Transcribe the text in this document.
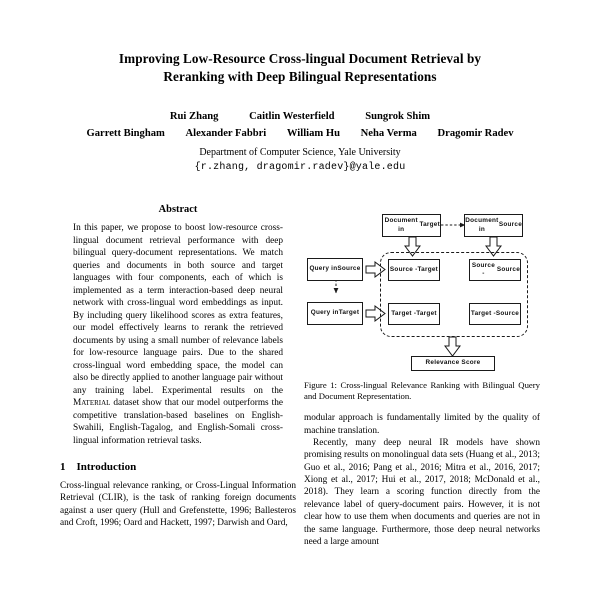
Improving Low-Resource Cross-lingual Document Retrieval by
Reranking with Deep Bilingual Representations
Rui Zhang	Caitlin Westerfield	Sungrok Shim
Garrett Bingham Alexander Fabbri William Hu Neha Verma Dragomir Radev
Department of Computer Science, Yale University
{r.zhang, dragomir.radev}@yale.edu
Abstract

In this paper, we propose to boost low-resource cross-lingual document retrieval performance with deep bilingual query-document representations. We match queries and documents in both source and target languages with four components, each of which is implemented as a term interaction-based deep neural network with cross-lingual word embeddings as input. By including query likelihood scores as extra features, our model effectively learns to rerank the retrieved documents by using a small number of relevance labels for low-resource language pairs. Due to the shared cross-lingual word embedding space, the model can also be directly applied to another language pair without any training label. Experimental results on the Material dataset show that our model outperforms the competitive translation-based baselines on English-Swahili, English-Tagalog, and English-Somali cross-lingual information retrieval tasks.

1 Introduction

Cross-lingual relevance ranking, or Cross-Lingual Information Retrieval (CLIR), is the task of ranking foreign documents against a user query (Hull and Grefenstette, 1996; Ballesteros and Croft, 1996; Oard and Hackett, 1997; Darwish and Oard,

Document in

Target
Document in

Source
Query in Source
Query in Target
Source - Target
Source -

Source
Target - Target	Target - Source
Relevance Score
Figure 1: Cross-lingual Relevance Ranking with Bilingual Query and Document Representation.

modular approach is fundamentally limited by the quality of machine translation.

Recently, many deep neural IR models have shown promising results on monolingual data sets (Huang et al., 2013; Guo et al., 2016; Pang et al., 2016; Mitra et al., 2016, 2017; Xiong et al., 2017; Hui et al., 2017, 2018; McDonald et al., 2018). They learn a scoring function directly from the relevance label of query-document pairs. However, it is not clear how to use them when documents and queries are not in the same language. Furthermore, those deep neural networks need a large amount
